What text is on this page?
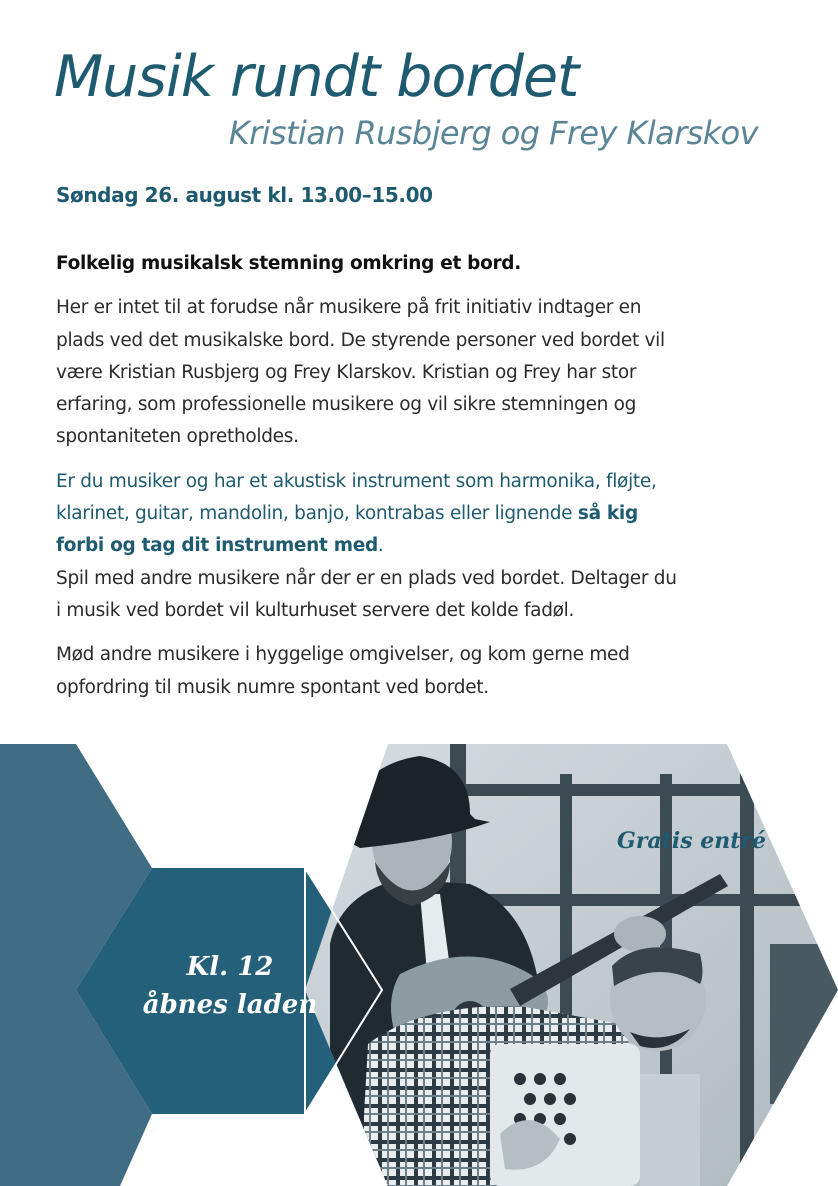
Musik rundt bordet
Kristian Rusbjerg og Frey Klarskov

Søndag 26. august kl. 13.00–15.00

Folkelig musikalsk stemning omkring et bord.

Her er intet til at forudse når musikere på frit initiativ indtager en plads ved det musikalske bord. De styrende personer ved bordet vil være Kristian Rusbjerg og Frey Klarskov. Kristian og Frey har stor erfaring, som professionelle musikere og vil sikre stemningen og spontaniteten opretholdes.

Er du musiker og har et akustisk instrument som harmonika, fløjte, klarinet, guitar, mandolin, banjo, kontrabas eller lignende så kig forbi og tag dit instrument med.

Spil med andre musikere når der er en plads ved bordet. Deltager du i musik ved bordet vil kulturhuset servere det kolde fadøl.

Mød andre musikere i hyggelige omgivelser, og kom gerne med opfordring til musik numre spontant ved bordet.

Kl. 12
åbnes laden

Gratis entré
